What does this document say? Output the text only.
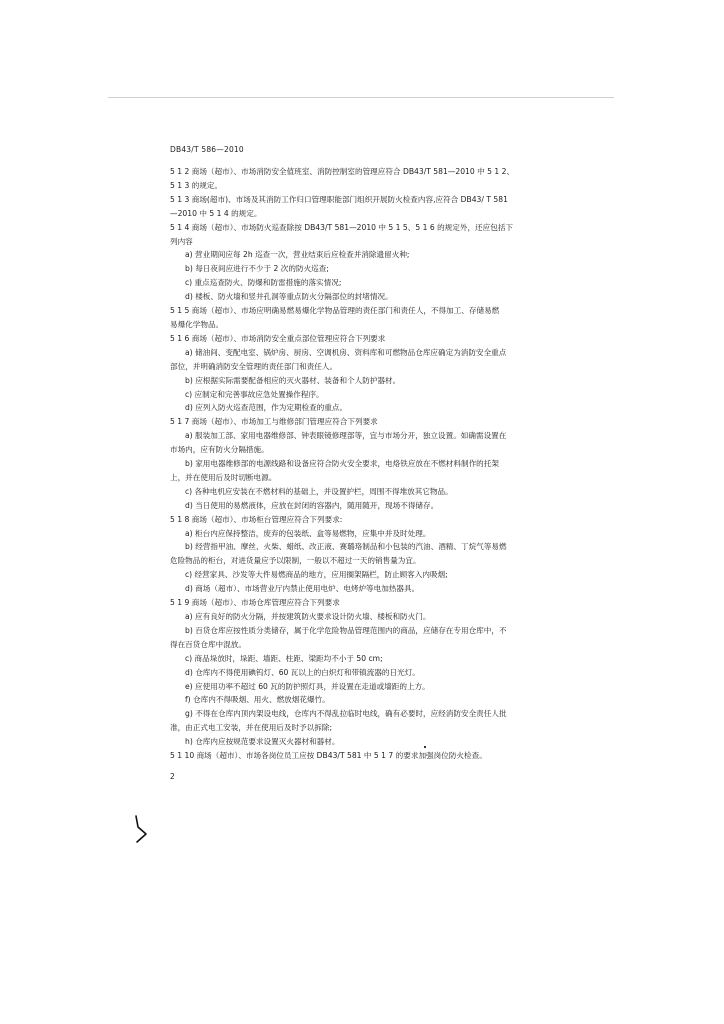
DB43/T 586—2010
5 1 2 商场（超市）、市场消防安全值班室、消防控制室的管理应符合 DB43/T 581—2010 中 5 1 2、
5 1 3 的规定。
5 1 3 商场(超市)、市场及其消防工作归口管理职能部门组织开展防火检查内容,应符合 DB43/ T 581
—2010 中 5 1 4 的规定。
5 1 4 商场（超市）、市场防火巡查除按 DB43/T 581—2010 中 5 1 5、5 1 6 的规定外，还应包括下
列内容
a) 营业期间应每 2h 巡查一次，营业结束后应检查并消除遗留火种;
b) 每日夜间应进行不少于 2 次的防火巡查;
c) 重点巡查防火、防爆和防雷措施的落实情况;
d) 楼板、防火墙和竖井孔洞等重点防火分隔部位的封堵情况。
5 1 5 商场（超市）、市场应明确易燃易爆化学物品管理的责任部门和责任人，不得加工、存储易燃
易爆化学物品。
5 1 6 商场（超市）、市场消防安全重点部位管理应符合下列要求
a) 储油间、变配电室、锅炉房、厨房、空调机房、资料库和可燃物品仓库应确定为消防安全重点
部位，并明确消防安全管理的责任部门和责任人。
b) 应根据实际需要配备相应的灭火器材、装备和个人防护器材。
c) 应制定和完善事故应急处置操作程序。
d) 应列入防火巡查范围，作为定期检查的重点。
5 1 7 商场（超市）、市场加工与维修部门管理应符合下列要求
a) 服装加工部、家用电器维修部、钟表眼镜修理部等，宜与市场分开，独立设置。如确需设置在
市场内，应有防火分隔措施。
b) 家用电器维修部的电源线路和设备应符合防火安全要求，电烙铁应放在不燃材料制作的托架
上，并在使用后及时切断电源。
c) 各种电机应安装在不燃材料的基础上，并设置护栏，周围不得堆放其它物品。
d) 当日使用的易燃液体，应放在封闭的容器内，随用随开，现场不得储存。
5 1 8 商场（超市）、市场柜台管理应符合下列要求:
a) 柜台内应保持整洁，废弃的包装纸、盒等易燃物，应集中并及时处理。
b) 经营指甲油、摩丝、火柴、蜡纸、改正液、赛璐珞制品和小包装的汽油、酒精、丁烷气等易燃
危险物品的柜台，对进货量应予以限制，一般以不超过一天的销售量为宜。
c) 经营家具、沙发等大件易燃商品的地方，应用搁架隔栏，防止顾客入内吸烟;
d) 商场（超市）、市场营业厅内禁止使用电炉、电烤炉等电加热器具。
5 1 9 商场（超市）、市场仓库管理应符合下列要求
a) 应有良好的防火分隔，并按建筑防火要求设计防火墙、楼板和防火门。
b) 百货仓库应按性质分类储存，属于化学危险物品管理范围内的商品，应储存在专用仓库中，不
得在百货仓库中混放。
c) 商品垛放时，垛距、墙距、柱距、梁距均不小于 50 cm;
d) 仓库内不得使用碘钨灯、60 瓦以上的白炽灯和带镇流器的日光灯。
e) 应使用功率不超过 60 瓦的防护照灯具，并设置在走道或墙距的上方。
f) 仓库内不得吸烟、用火、燃放烟花爆竹。
g) 不得在仓库内顶内架设电线，仓库内不得乱拉临时电线，确有必要时，应经消防安全责任人批
准，由正式电工安装，并在使用后及时予以拆除;
h) 仓库内应按规范要求设置灭火器材和器材。
5 1 10 商场（超市）、市场各岗位员工应按 DB43/T 581 中 5 1 7 的要求加强岗位防火检查。
2
